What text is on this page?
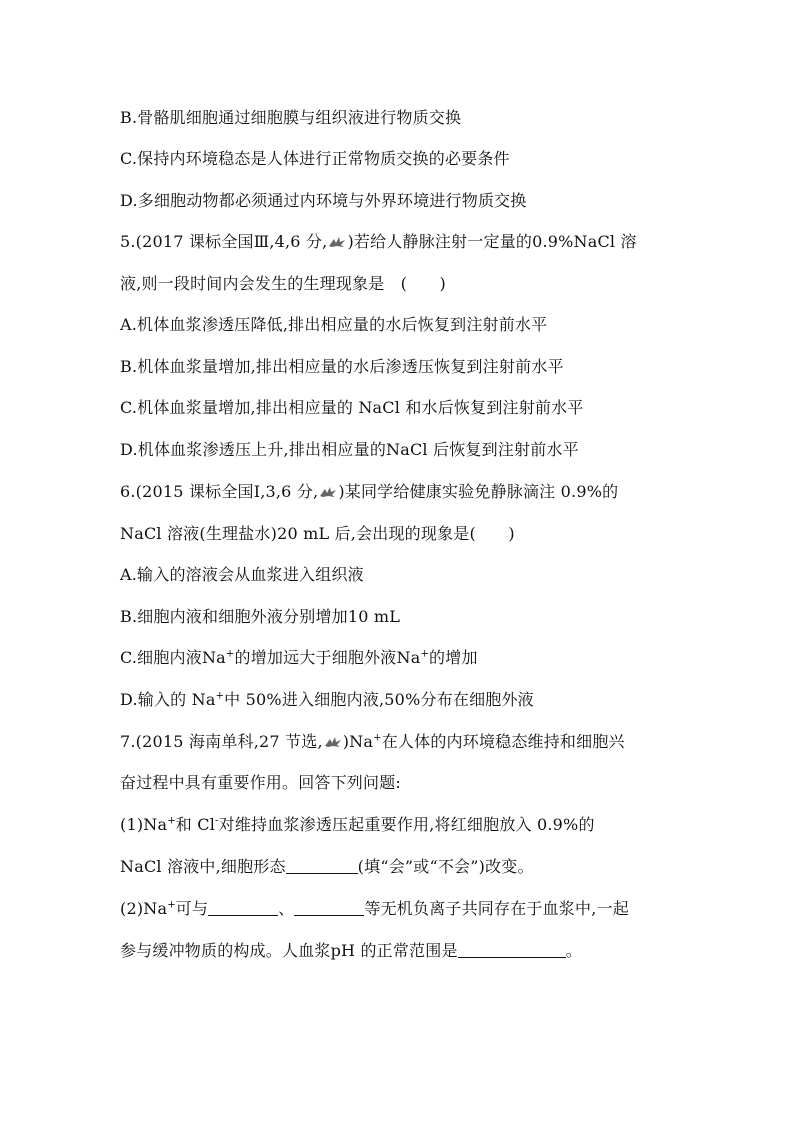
B.骨骼肌细胞通过细胞膜与组织液进行物质交换
C.保持内环境稳态是人体进行正常物质交换的必要条件
D.多细胞动物都必须通过内环境与外界环境进行物质交换
5.(2017 课标全国Ⅲ,4,6 分, )若给人静脉注射一定量的0.9%NaCl 溶
液,则一段时间内会发生的生理现象是　(　　)
A.机体血浆渗透压降低,排出相应量的水后恢复到注射前水平
B.机体血浆量增加,排出相应量的水后渗透压恢复到注射前水平
C.机体血浆量增加,排出相应量的 NaCl 和水后恢复到注射前水平
D.机体血浆渗透压上升,排出相应量的NaCl 后恢复到注射前水平
6.(2015 课标全国Ⅰ,3,6 分, )某同学给健康实验免静脉滴注 0.9%的
NaCl 溶液(生理盐水)20 mL 后,会出现的现象是(　　)
A.输入的溶液会从血浆进入组织液
B.细胞内液和细胞外液分别增加10 mL
C.细胞内液Na+的增加远大于细胞外液Na+的增加
D.输入的 Na+中 50%进入细胞内液,50%分布在细胞外液
7.(2015 海南单科,27 节选, )Na+在人体的内环境稳态维持和细胞兴
奋过程中具有重要作用。回答下列问题:
(1)Na+和 Cl-对维持血浆渗透压起重要作用,将红细胞放入 0.9%的
NaCl 溶液中,细胞形态	(填“会”或“不会”)改变。
(2)Na+可与	、	等无机负离子共同存在于血浆中,一起
参与缓冲物质的构成。人血浆pH 的正常范围是	。
